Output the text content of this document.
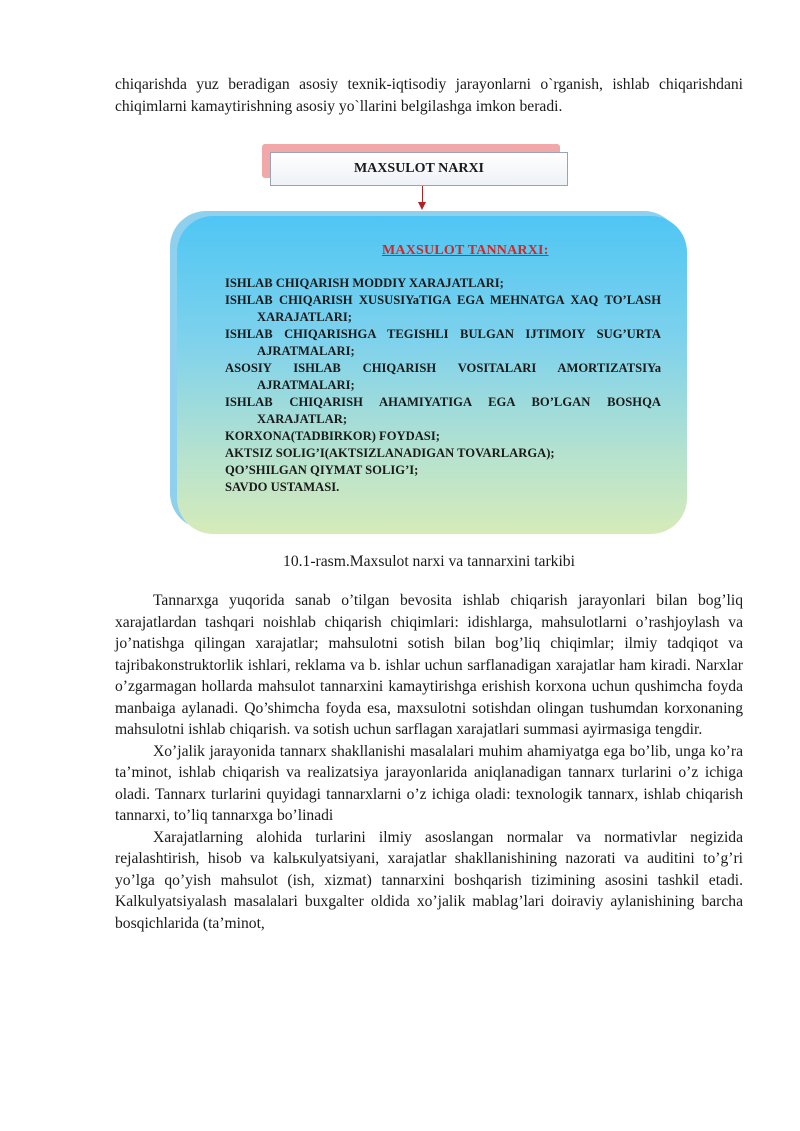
chiqarishda yuz beradigan asosiy texnik-iqtisodiy jarayonlarni o`rganish, ishlab chiqarishdani chiqimlarni kamaytirishning asosiy yo`llarini belgilashga imkon beradi.

MAXSULOT NARXI
MAXSULOT TANNARXI:
ISHLAB CHIQARISH MODDIY XARAJATLARI;
ISHLAB CHIQARISH XUSUSIYaTIGA EGA MEHNATGA XAQ TO’LASH XARAJATLARI;
ISHLAB CHIQARISHGA TEGISHLI BULGAN IJTIMOIY SUG’URTA AJRATMALARI;
ASOSIY ISHLAB CHIQARISH VOSITALARI AMORTIZATSIYa AJRATMALARI;
ISHLAB CHIQARISH AHAMIYATIGA EGA BO’LGAN BOSHQA XARAJATLAR;
KORXONA(TADBIRKOR) FOYDASI;
AKTSIZ SOLIG’I(AKTSIZLANADIGAN TOVARLARGA);
QO’SHILGAN QIYMAT SOLIG’I;
SAVDO USTAMASI.

10.1-rasm.Maxsulot narxi va tannarxini tarkibi

Tannarxga yuqorida sanab o’tilgan bevosita ishlab chiqarish jarayonlari bilan bog’liq xarajatlardan tashqari noishlab chiqarish chiqimlari: idishlarga, mahsulotlarni o’rashjoylash va jo’natishga qilingan xarajatlar; mahsulotni sotish bilan bog’liq chiqimlar; ilmiy tadqiqot va tajribakonstruktorlik ishlari, reklama va b. ishlar uchun sarflanadigan xarajatlar ham kiradi. Narxlar o’zgarmagan hollarda mahsulot tannarxini kamaytirishga erishish korxona uchun qushimcha foyda manbaiga aylanadi. Qo’shimcha foyda esa, maxsulotni sotishdan olingan tushumdan korxonaning mahsulotni ishlab chiqarish. va sotish uchun sarflagan xarajatlari summasi ayirmasiga tengdir.

Xo’jalik jarayonida tannarx shakllanishi masalalari muhim ahamiyatga ega bo’lib, unga ko’ra ta’minot, ishlab chiqarish va realizatsiya jarayonlarida aniqlanadigan tannarx turlarini o’z ichiga oladi. Tannarx turlarini quyidagi tannarxlarni o’z ichiga oladi: texnologik tannarx, ishlab chiqarish tannarxi, to’liq tannarxga bo’linadi

Xarajatlarning alohida turlarini ilmiy asoslangan normalar va normativlar negizida rejalashtirish, hisob va kalькulyatsiyani, xarajatlar shakllanishining nazorati va auditini to’g’ri yo’lga qo’yish mahsulot (ish, xizmat) tannarxini boshqarish tizimining asosini tashkil etadi. Kalkulyatsiyalash masalalari buxgalter oldida xo’jalik mablag’lari doiraviy aylanishining barcha bosqichlarida (ta’minot,
